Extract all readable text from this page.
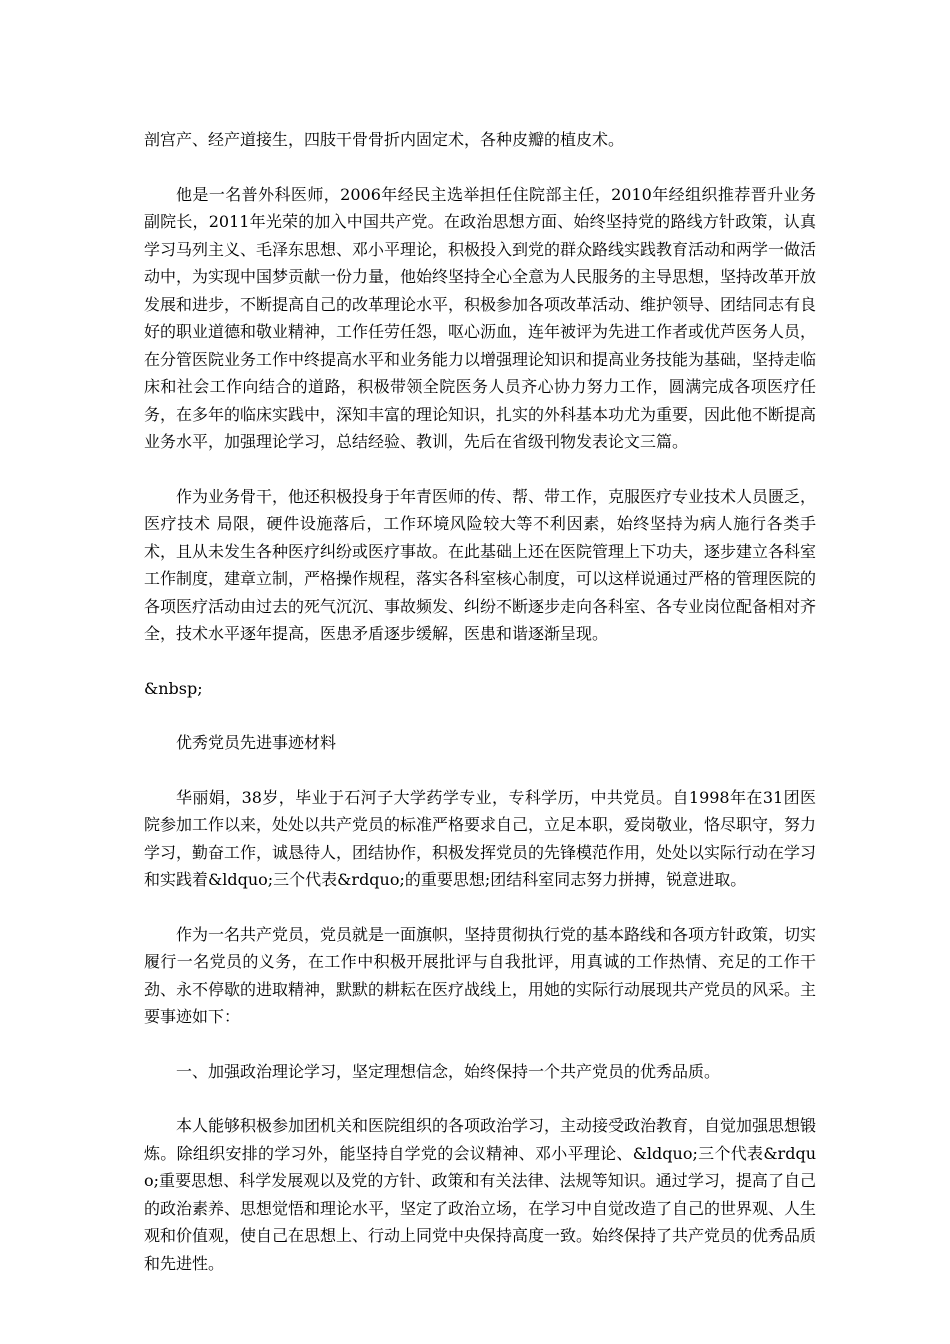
剖宫产、经产道接生，四肢干骨骨折内固定术，各种皮瓣的植皮术。

他是一名普外科医师，2006年经民主选举担任住院部主任，2010年经组织推荐晋升业务副院长，2011年光荣的加入中国共产党。在政治思想方面、始终坚持党的路线方针政策，认真学习马列主义、毛泽东思想、邓小平理论，积极投入到党的群众路线实践教育活动和两学一做活动中，为实现中国梦贡献一份力量，他始终坚持全心全意为人民服务的主导思想，坚持改革开放发展和进步，不断提高自己的改革理论水平，积极参加各项改革活动、维护领导、团结同志有良好的职业道德和敬业精神，工作任劳任怨，呕心沥血，连年被评为先进工作者或优芦医务人员，在分管医院业务工作中终提高水平和业务能力以增强理论知识和提高业务技能为基础，坚持走临床和社会工作向结合的道路，积极带领全院医务人员齐心协力努力工作，圆满完成各项医疗任务，在多年的临床实践中，深知丰富的理论知识，扎实的外科基本功尤为重要，因此他不断提高业务水平，加强理论学习，总结经验、教训，先后在省级刊物发表论文三篇。

作为业务骨干，他还积极投身于年青医师的传、帮、带工作，克服医疗专业技术人员匮乏，医疗技术 局限，硬件设施落后，工作环境风险较大等不利因素，始终坚持为病人施行各类手术，且从未发生各种医疗纠纷或医疗事故。在此基础上还在医院管理上下功夫，逐步建立各科室工作制度，建章立制，严格操作规程，落实各科室核心制度，可以这样说通过严格的管理医院的各项医疗活动由过去的死气沉沉、事故频发、纠纷不断逐步走向各科室、各专业岗位配备相对齐全，技术水平逐年提高，医患矛盾逐步缓解，医患和谐逐渐呈现。

&nbsp;

优秀党员先进事迹材料

华丽娟，38岁，毕业于石河子大学药学专业，专科学历，中共党员。自1998年在31团医院参加工作以来，处处以共产党员的标准严格要求自己，立足本职，爱岗敬业，恪尽职守，努力学习，勤奋工作，诚恳待人，团结协作，积极发挥党员的先锋模范作用，处处以实际行动在学习和实践着&ldquo;三个代表&rdquo;的重要思想;团结科室同志努力拼搏，锐意进取。

作为一名共产党员，党员就是一面旗帜，坚持贯彻执行党的基本路线和各项方针政策，切实履行一名党员的义务，在工作中积极开展批评与自我批评，用真诚的工作热情、充足的工作干劲、永不停歇的进取精神，默默的耕耘在医疗战线上，用她的实际行动展现共产党员的风采。主要事迹如下：

一、加强政治理论学习，坚定理想信念，始终保持一个共产党员的优秀品质。

本人能够积极参加团机关和医院组织的各项政治学习，主动接受政治教育，自觉加强思想锻炼。除组织安排的学习外，能坚持自学党的会议精神、邓小平理论、&ldquo;三个代表&rdquo;重要思想、科学发展观以及党的方针、政策和有关法律、法规等知识。通过学习，提高了自己的政治素养、思想觉悟和理论水平，坚定了政治立场，在学习中自觉改造了自己的世界观、人生观和价值观，使自己在思想上、行动上同党中央保持高度一致。始终保持了共产党员的优秀品质和先进性。
